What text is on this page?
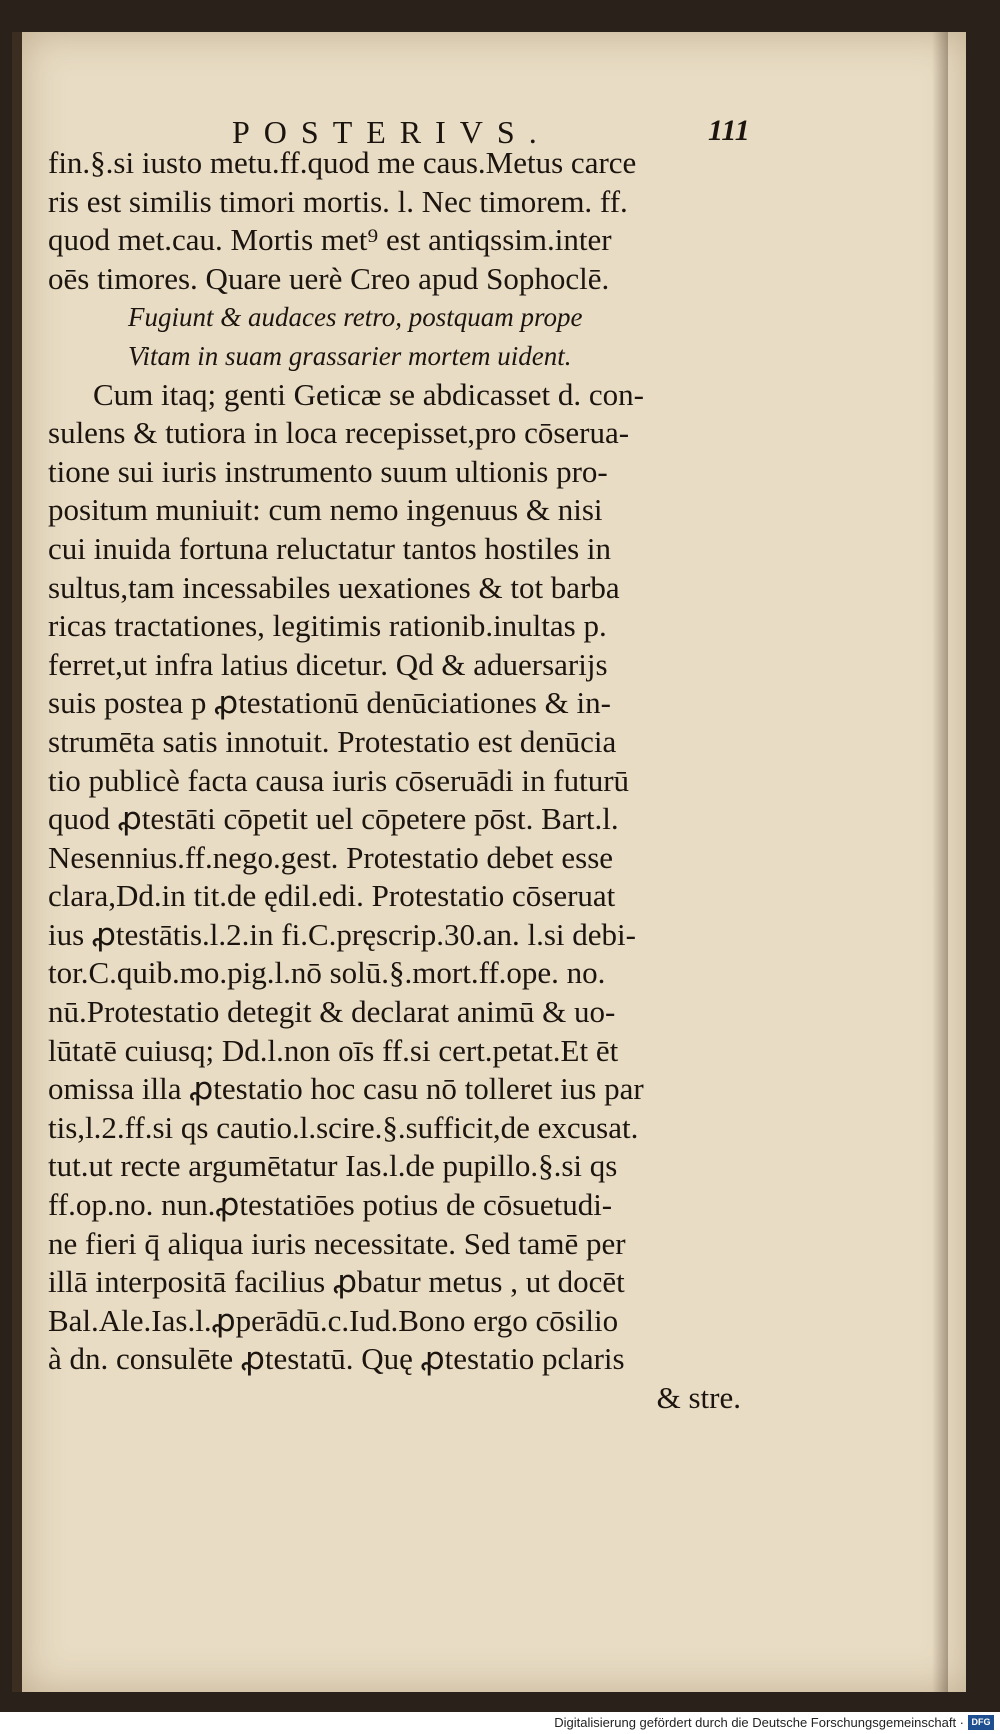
POSTERIVS.	111
fin.§.si iusto metu.ff.quod me caus.Metus carce
ris est similis timori mortis. l. Nec timorem. ff.
quod met.cau. Mortis met⁹ est antiqssim.inter
oēs timores. Quare uerè Creo apud Sophoclē.
Fugiunt & audaces retro, postquam prope
Vitam in suam grassarier mortem uident.
Cum itaq; genti Geticæ se abdicasset d. con-
sulens & tutiora in loca recepisset,pro cōserua-
tione sui iuris instrumento suum ultionis pro-
positum muniuit: cum nemo ingenuus & nisi
cui inuida fortuna reluctatur tantos hostiles in
sultus,tam incessabiles uexationes & tot barba
ricas tractationes, legitimis rationib.inultas p.
ferret,ut infra latius dicetur. Qd & aduersarijs
suis postea p ꝓtestationū denūciationes & in-
strumēta satis innotuit. Protestatio est denūcia
tio publicè facta causa iuris cōseruādi in futurū
quod ꝓtestāti cōpetit uel cōpetere pōst. Bart.l.
Nesennius.ff.nego.gest. Protestatio debet esse
clara,Dd.in tit.de ędil.edi. Protestatio cōseruat
ius ꝓtestātis.l.2.in fi.C.pręscrip.30.an. l.si debi-
tor.C.quib.mo.pig.l.nō solū.§.mort.ff.ope. no.
nū.Protestatio detegit & declarat animū & uo-
lūtatē cuiusq; Dd.l.non oīs ff.si cert.petat.Et ēt
omissa illa ꝓtestatio hoc casu nō tolleret ius par
tis,l.2.ff.si qs cautio.l.scire.§.sufficit,de excusat.
tut.ut recte argumētatur Ias.l.de pupillo.§.si qs
ff.op.no. nun.ꝓtestatiōes potius de cōsuetudi-
ne fieri q̄ aliqua iuris necessitate. Sed tamē per
illā interpositā facilius ꝓbatur metus , ut docēt
Bal.Ale.Ias.l.ꝓperādū.c.Iud.Bono ergo cōsilio
à dn. consulēte ꝓtestatū. Quę ꝓtestatio pclaris
& stre.
Digitalisierung gefördert durch die Deutsche Forschungsgemeinschaft · DFG
